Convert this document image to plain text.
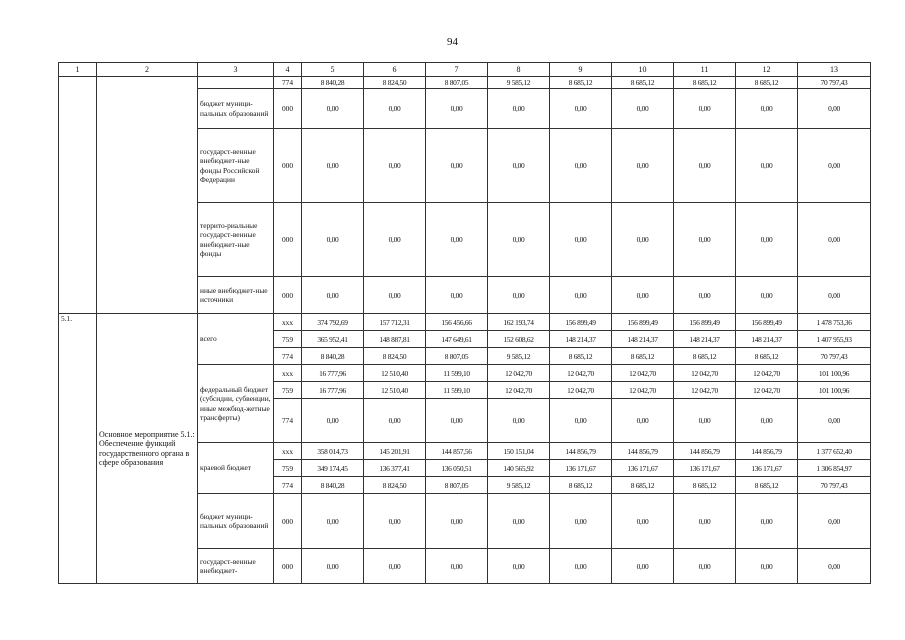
94
1	2	3	4	5	6	7	8	9	10	11	12	13
			774	8 840,28	8 824,50	8 807,05	9 585,12	8 685,12	8 685,12	8 685,12	8 685,12	70 797,43
		бюджет муници-пальных образований	000	0,00	0,00	0,00	0,00	0,00	0,00	0,00	0,00	0,00
		государст-венные внебюджет-ные фонды Российской Федерации	000	0,00	0,00	0,00	0,00	0,00	0,00	0,00	0,00	0,00
		террито-риальные государст-венные внебюджет-ные фонды	000	0,00	0,00	0,00	0,00	0,00	0,00	0,00	0,00	0,00
		иные внебюджет-ные источники	000	0,00	0,00	0,00	0,00	0,00	0,00	0,00	0,00	0,00
5.1.	Основное мероприятие 5.1.: Обеспечение функций государственного органа в сфере образования	всего	xxx	374 792,69	157 712,31	156 456,66	162 193,74	156 899,49	156 899,49	156 899,49	156 899,49	1 478 753,36
			759	365 952,41	148 887,81	147 649,61	152 608,62	148 214,37	148 214,37	148 214,37	148 214,37	1 407 955,93
			774	8 840,28	8 824,50	8 807,05	9 585,12	8 685,12	8 685,12	8 685,12	8 685,12	70 797,43
		федеральный бюджет (субсидии, субвенции, иные межбюд-жетные трансферты)	xxx	16 777,96	12 510,40	11 599,10	12 042,70	12 042,70	12 042,70	12 042,70	12 042,70	101 100,96
			759	16 777,96	12 510,40	11 599,10	12 042,70	12 042,70	12 042,70	12 042,70	12 042,70	101 100,96
			774	0,00	0,00	0,00	0,00	0,00	0,00	0,00	0,00	0,00
		краевой бюджет	xxx	358 014,73	145 201,91	144 857,56	150 151,04	144 856,79	144 856,79	144 856,79	144 856,79	1 377 652,40
			759	349 174,45	136 377,41	136 050,51	140 565,92	136 171,67	136 171,67	136 171,67	136 171,67	1 306 854,97
			774	8 840,28	8 824,50	8 807,05	9 585,12	8 685,12	8 685,12	8 685,12	8 685,12	70 797,43
		бюджет муници-пальных образований	000	0,00	0,00	0,00	0,00	0,00	0,00	0,00	0,00	0,00
		государст-венные внебюджет-	000	0,00	0,00	0,00	0,00	0,00	0,00	0,00	0,00	0,00
